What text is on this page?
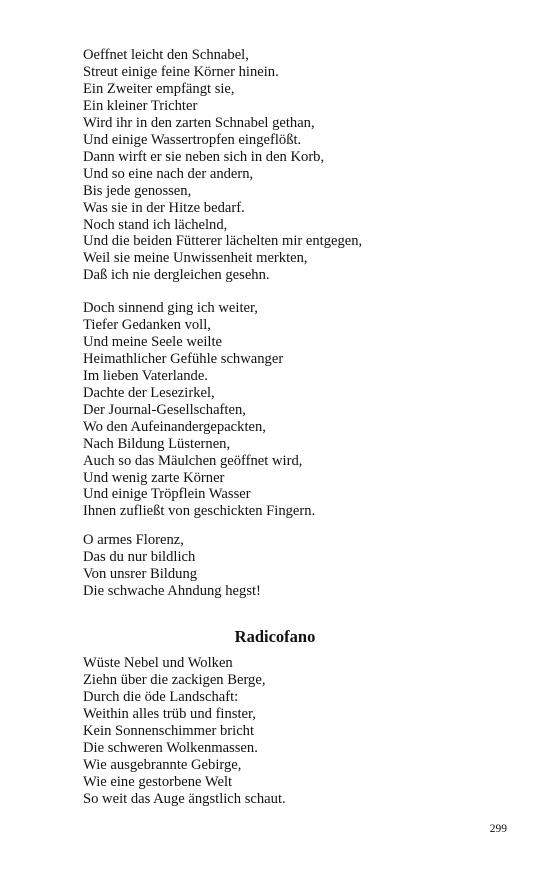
Oeffnet leicht den Schnabel,
Streut einige feine Körner hinein.
Ein Zweiter empfängt sie,
Ein kleiner Trichter
Wird ihr in den zarten Schnabel gethan,
Und einige Wassertropfen eingeflößt.
Dann wirft er sie neben sich in den Korb,
Und so eine nach der andern,
Bis jede genossen,
Was sie in der Hitze bedarf.
Noch stand ich lächelnd,
Und die beiden Fütterer lächelten mir entgegen,
Weil sie meine Unwissenheit merkten,
Daß ich nie dergleichen gesehn.
Doch sinnend ging ich weiter,
Tiefer Gedanken voll,
Und meine Seele weilte
Heimathlicher Gefühle schwanger
Im lieben Vaterlande.
Dachte der Lesezirkel,
Der Journal-Gesellschaften,
Wo den Aufeinandergepackten,
Nach Bildung Lüsternen,
Auch so das Mäulchen geöffnet wird,
Und wenig zarte Körner
Und einige Tröpflein Wasser
Ihnen zufließt von geschickten Fingern.
O armes Florenz,
Das du nur bildlich
Von unsrer Bildung
Die schwache Ahndung hegst!
Radicofano
Wüste Nebel und Wolken
Ziehn über die zackigen Berge,
Durch die öde Landschaft:
Weithin alles trüb und finster,
Kein Sonnenschimmer bricht
Die schweren Wolkenmassen.
Wie ausgebrannte Gebirge,
Wie eine gestorbene Welt
So weit das Auge ängstlich schaut.
299
